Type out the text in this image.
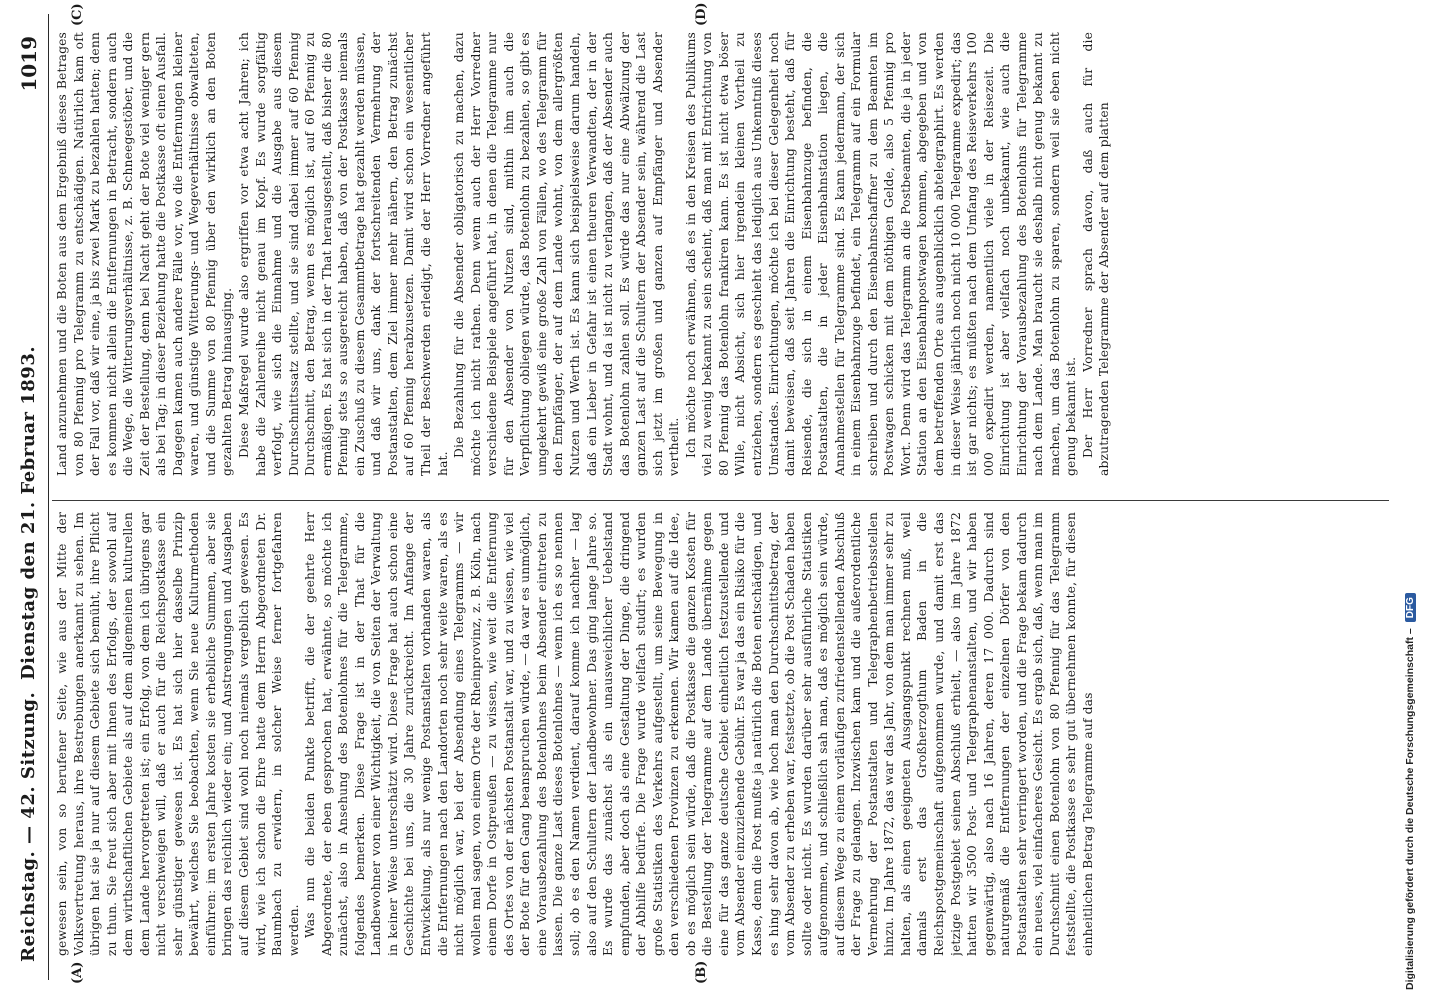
Reichstag. — 42. Sitzung.
Dienstag den 21. Februar 1893.
1019
(A)	(B)
(C)	(D)

gewesen sein, von so berufener Seite, wie aus der Mitte der Volksvertretung heraus, ihre Bestrebungen anerkannt zu sehen. Im übrigen hat sie ja nur auf diesem Gebiete sich bemüht, ihre Pflicht zu thun. Sie freut sich aber mit Ihnen des Erfolgs, der sowohl auf dem wirthschaftlichen Gebiete als auf dem allgemeinen kulturellen dem Lande hervorgetreten ist; ein Erfolg, von dem ich übrigens gar nicht verschweigen will, daß er auch für die Reichspostkasse ein sehr günstiger gewesen ist. Es hat sich hier dasselbe Prinzip bewährt, welches Sie beobachten, wenn Sie neue Kulturmethoden einführen: im ersten Jahre kosten sie erhebliche Summen, aber sie bringen das reichlich wieder ein; und Anstrengungen und Ausgaben auf diesem Gebiet sind wohl noch niemals vergeblich gewesen. Es wird, wie ich schon die Ehre hatte dem Herrn Abgeordneten Dr. Baumbach zu erwidern, in solcher Weise ferner fortgefahren werden. Was nun die beiden Punkte betrifft, die der geehrte Herr Abgeordnete, der eben gesprochen hat, erwähnte, so möchte ich zunächst, also in Ansehung des Botenlohnes für die Telegramme, folgendes bemerken. Diese Frage ist in der That für die Landbewohner von einer Wichtigkeit, die von Seiten der Verwaltung in keiner Weise unterschätzt wird. Diese Frage hat auch schon eine Geschichte bei uns, die 30 Jahre zurückreicht. Im Anfange der Entwickelung, als nur wenige Postanstalten vorhanden waren, als die Entfernungen nach den Landorten noch sehr weite waren, als es nicht möglich war, bei der Absendung eines Telegramms — wir wollen mal sagen, von einem Orte der Rheinprovinz, z. B. Köln, nach einem Dorfe in Ostpreußen — zu wissen, wie weit die Entfernung des Ortes von der nächsten Postanstalt war, und zu wissen, wie viel der Bote für den Gang beanspruchen würde, — da war es unmöglich, eine Vorausbezahlung des Botenlohnes beim Absender eintreten zu lassen. Die ganze Last dieses Botenlohnes — wenn ich es so nennen soll; ob es den Namen verdient, darauf komme ich nachher — lag also auf den Schultern der Landbewohner. Das ging lange Jahre so. Es wurde das zunächst als ein unausweichlicher Uebelstand empfunden, aber doch als eine Gestaltung der Dinge, die dringend der Abhilfe bedürfe. Die Frage wurde vielfach studirt; es wurden große Statistiken des Verkehrs aufgestellt, um seine Bewegung in den verschiedenen Provinzen zu erkennen. Wir kamen auf die Idee, ob es möglich sein würde, daß die Postkasse die ganzen Kosten für die Bestellung der Telegramme auf dem Lande übernähme gegen eine für das ganze deutsche Gebiet einheitlich festzustellende und vom Absender einzuziehende Gebühr. Es war ja das ein Risiko für die Kasse, denn die Post mußte ja natürlich die Boten entschädigen, und es hing sehr davon ab, wie hoch man den Durchschnittsbetrag, der vom Absender zu erheben war, festsetzte, ob die Post Schaden haben sollte oder nicht. Es wurden darüber sehr ausführliche Statistiken aufgenommen, und schließlich sah man, daß es möglich sein würde, auf diesem Wege zu einem vorläufigen zufriedenstellenden Abschluß der Frage zu gelangen. Inzwischen kam und die außerordentliche Vermehrung der Postanstalten und Telegraphenbetriebsstellen hinzu. Im Jahre 1872, das war das Jahr, von dem man immer sehr zu halten, als einen geeigneten Ausgangspunkt rechnen muß, weil damals erst das Großherzogthum Baden in die Reichspostgemeinschaft aufgenommen wurde, und damit erst das jetzige Postgebiet seinen Abschluß erhielt, — also im Jahre 1872 hatten wir 3500 Post- und Telegraphenanstalten, und wir haben gegenwärtig, also nach 16 Jahren, deren 17 000. Dadurch sind naturgemäß die Entfernungen der einzelnen Dörfer von den Postanstalten sehr verringert worden, und die Frage bekam dadurch ein neues, viel einfacheres Gesicht. Es ergab sich, daß, wenn man im Durchschnitt einen Botenlohn von 80 Pfennig für das Telegramm feststellte, die Postkasse es sehr gut übernehmen konnte, für diesen einheitlichen Betrag Telegramme auf das

Land anzunehmen und die Boten aus dem Ergebniß dieses Betrages von 80 Pfennig pro Telegramm zu entschädigen. Natürlich kam oft der Fall vor, daß wir eine, ja bis zwei Mark zu bezahlen hatten; denn es kommen nicht allein die Entfernungen in Betracht, sondern auch die Wege, die Witterungsverhältnisse, z. B. Schneegestöber, und die Zeit der Bestellung, denn bei Nacht geht der Bote viel weniger gern als bei Tag; in dieser Beziehung hatte die Postkasse oft einen Ausfall. Dagegen kamen auch andere Fälle vor, wo die Entfernungen kleiner waren, und günstige Witterungs- und Wegeverhältnisse obwalteten, und die Summe von 80 Pfennig über den wirklich an den Boten gezahlten Betrag hinausging. Diese Maßregel wurde also ergriffen vor etwa acht Jahren; ich habe die Zahlenreihe nicht genau im Kopf. Es wurde sorgfältig verfolgt, wie sich die Einnahme und die Ausgabe aus diesem Durchschnittssatz stellte, und sie sind dabei immer auf 60 Pfennig Durchschnitt, den Betrag, wenn es möglich ist, auf 60 Pfennig zu ermäßigen. Es hat sich in der That herausgestellt, daß bisher die 80 Pfennig stets so ausgereicht haben, daß von der Postkasse niemals ein Zuschuß zu diesem Gesammtbetrage hat gezahlt werden müssen, und daß wir uns, dank der fortschreitenden Vermehrung der Postanstalten, dem Ziel immer mehr nähern, den Betrag zunächst auf 60 Pfennig herabzusetzen. Damit wird schon ein wesentlicher Theil der Beschwerden erledigt, die der Herr Vorredner angeführt hat.

Die Bezahlung für die Absender obligatorisch zu machen, dazu möchte ich nicht rathen. Denn wenn auch der Herr Vorredner verschiedene Beispiele angeführt hat, in denen die Telegramme nur für den Absender von Nutzen sind, mithin ihm auch die Verpflichtung obliegen würde, das Botenlohn zu bezahlen, so gibt es umgekehrt gewiß eine große Zahl von Fällen, wo des Telegramm für den Empfänger, der auf dem Lande wohnt, von dem allergrößten Nutzen und Werth ist. Es kann sich beispielsweise darum handeln, daß ein Lieber in Gefahr ist einen theuren Verwandten, der in der Stadt wohnt, und da ist nicht zu verlangen, daß der Absender auch das Botenlohn zahlen soll. Es würde das nur eine Abwälzung der ganzen Last auf die Schultern der Absender sein, während die Last sich jetzt im großen und ganzen auf Empfänger und Absender vertheilt. Ich möchte noch erwähnen, daß es in den Kreisen des Publikums viel zu wenig bekannt zu sein scheint, daß man mit Entrichtung von 80 Pfennig das Botenlohn frankiren kann. Es ist nicht etwa böser Wille, nicht Absicht, sich hier irgendein kleinen Vortheil zu entziehen, sondern es geschieht das lediglich aus Unkenntniß dieses Umstandes. Einrichtungen, möchte ich bei dieser Gelegenheit noch damit beweisen, daß seit Jahren die Einrichtung besteht, daß für Reisende, die sich in einem Eisenbahnzuge befinden, die Postanstalten, die in jeder Eisenbahnstation liegen, die Annahmestellen für Telegramme sind. Es kann jedermann, der sich in einem Eisenbahnzuge befindet, ein Telegramm auf ein Formular schreiben und durch den Eisenbahnschaffner zu dem Beamten im Postwagen schicken mit dem nöthigen Gelde, also 5 Pfennig pro Wort. Denn wird das Telegramm an die Postbeamten, die ja in jeder Station an den Eisenbahnpostwagen kommen, abgegeben und von dem betreffenden Orte aus augenblicklich abtelegraphirt. Es werden in dieser Weise jährlich noch nicht 10 000 Telegramme expedirt; das ist gar nichts; es müßten nach dem Umfang des Reiseverkehrs 100 000 expedirt werden, namentlich viele in der Reisezeit. Die Einrichtung ist aber vielfach noch unbekannt, wie auch die Einrichtung der Vorausbezahlung des Botenlohns für Telegramme nach dem Lande. Man braucht sie deshalb nicht genug bekannt zu machen, um das Botenlohn zu sparen, sondern weil sie eben nicht genug bekannt ist. Der Herr Vorredner sprach davon, daß auch für die abzutragenden Telegramme der Absender auf dem platten

Digitalisierung gefördert durch die Deutsche Forschungsgemeinschaft –DFG
